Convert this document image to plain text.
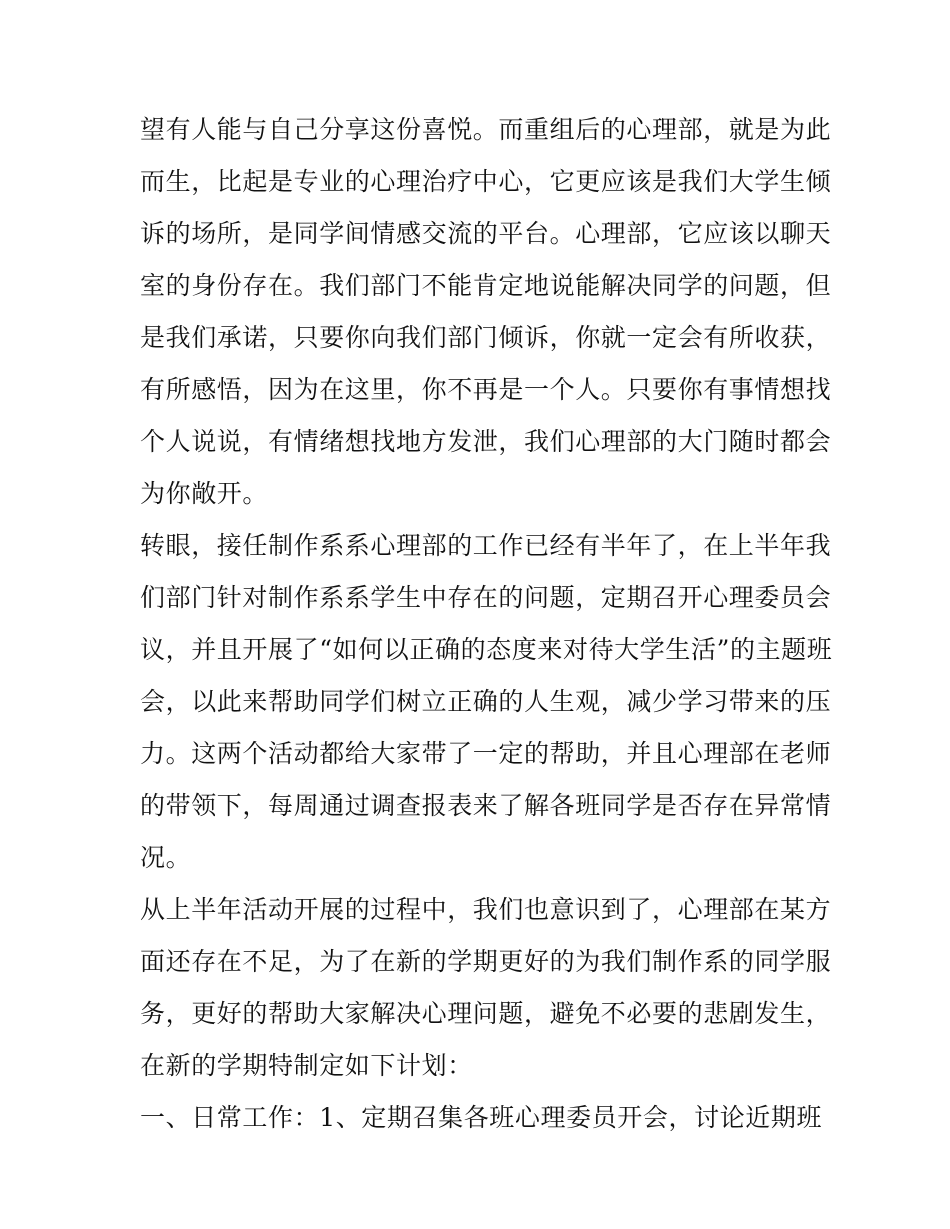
望有人能与自己分享这份喜悦。而重组后的心理部，就是为此
而生，比起是专业的心理治疗中心，它更应该是我们大学生倾
诉的场所，是同学间情感交流的平台。心理部，它应该以聊天
室的身份存在。我们部门不能肯定地说能解决同学的问题，但
是我们承诺，只要你向我们部门倾诉，你就一定会有所收获，
有所感悟，因为在这里，你不再是一个人。只要你有事情想找
个人说说，有情绪想找地方发泄，我们心理部的大门随时都会
为你敞开。
转眼，接任制作系系心理部的工作已经有半年了，在上半年我
们部门针对制作系系学生中存在的问题，定期召开心理委员会
议，并且开展了“如何以正确的态度来对待大学生活”的主题班
会，以此来帮助同学们树立正确的人生观，减少学习带来的压
力。这两个活动都给大家带了一定的帮助，并且心理部在老师
的带领下，每周通过调查报表来了解各班同学是否存在异常情
况。
从上半年活动开展的过程中，我们也意识到了，心理部在某方
面还存在不足，为了在新的学期更好的为我们制作系的同学服
务，更好的帮助大家解决心理问题，避免不必要的悲剧发生，
在新的学期特制定如下计划：
一、日常工作：1、定期召集各班心理委员开会，讨论近期班
